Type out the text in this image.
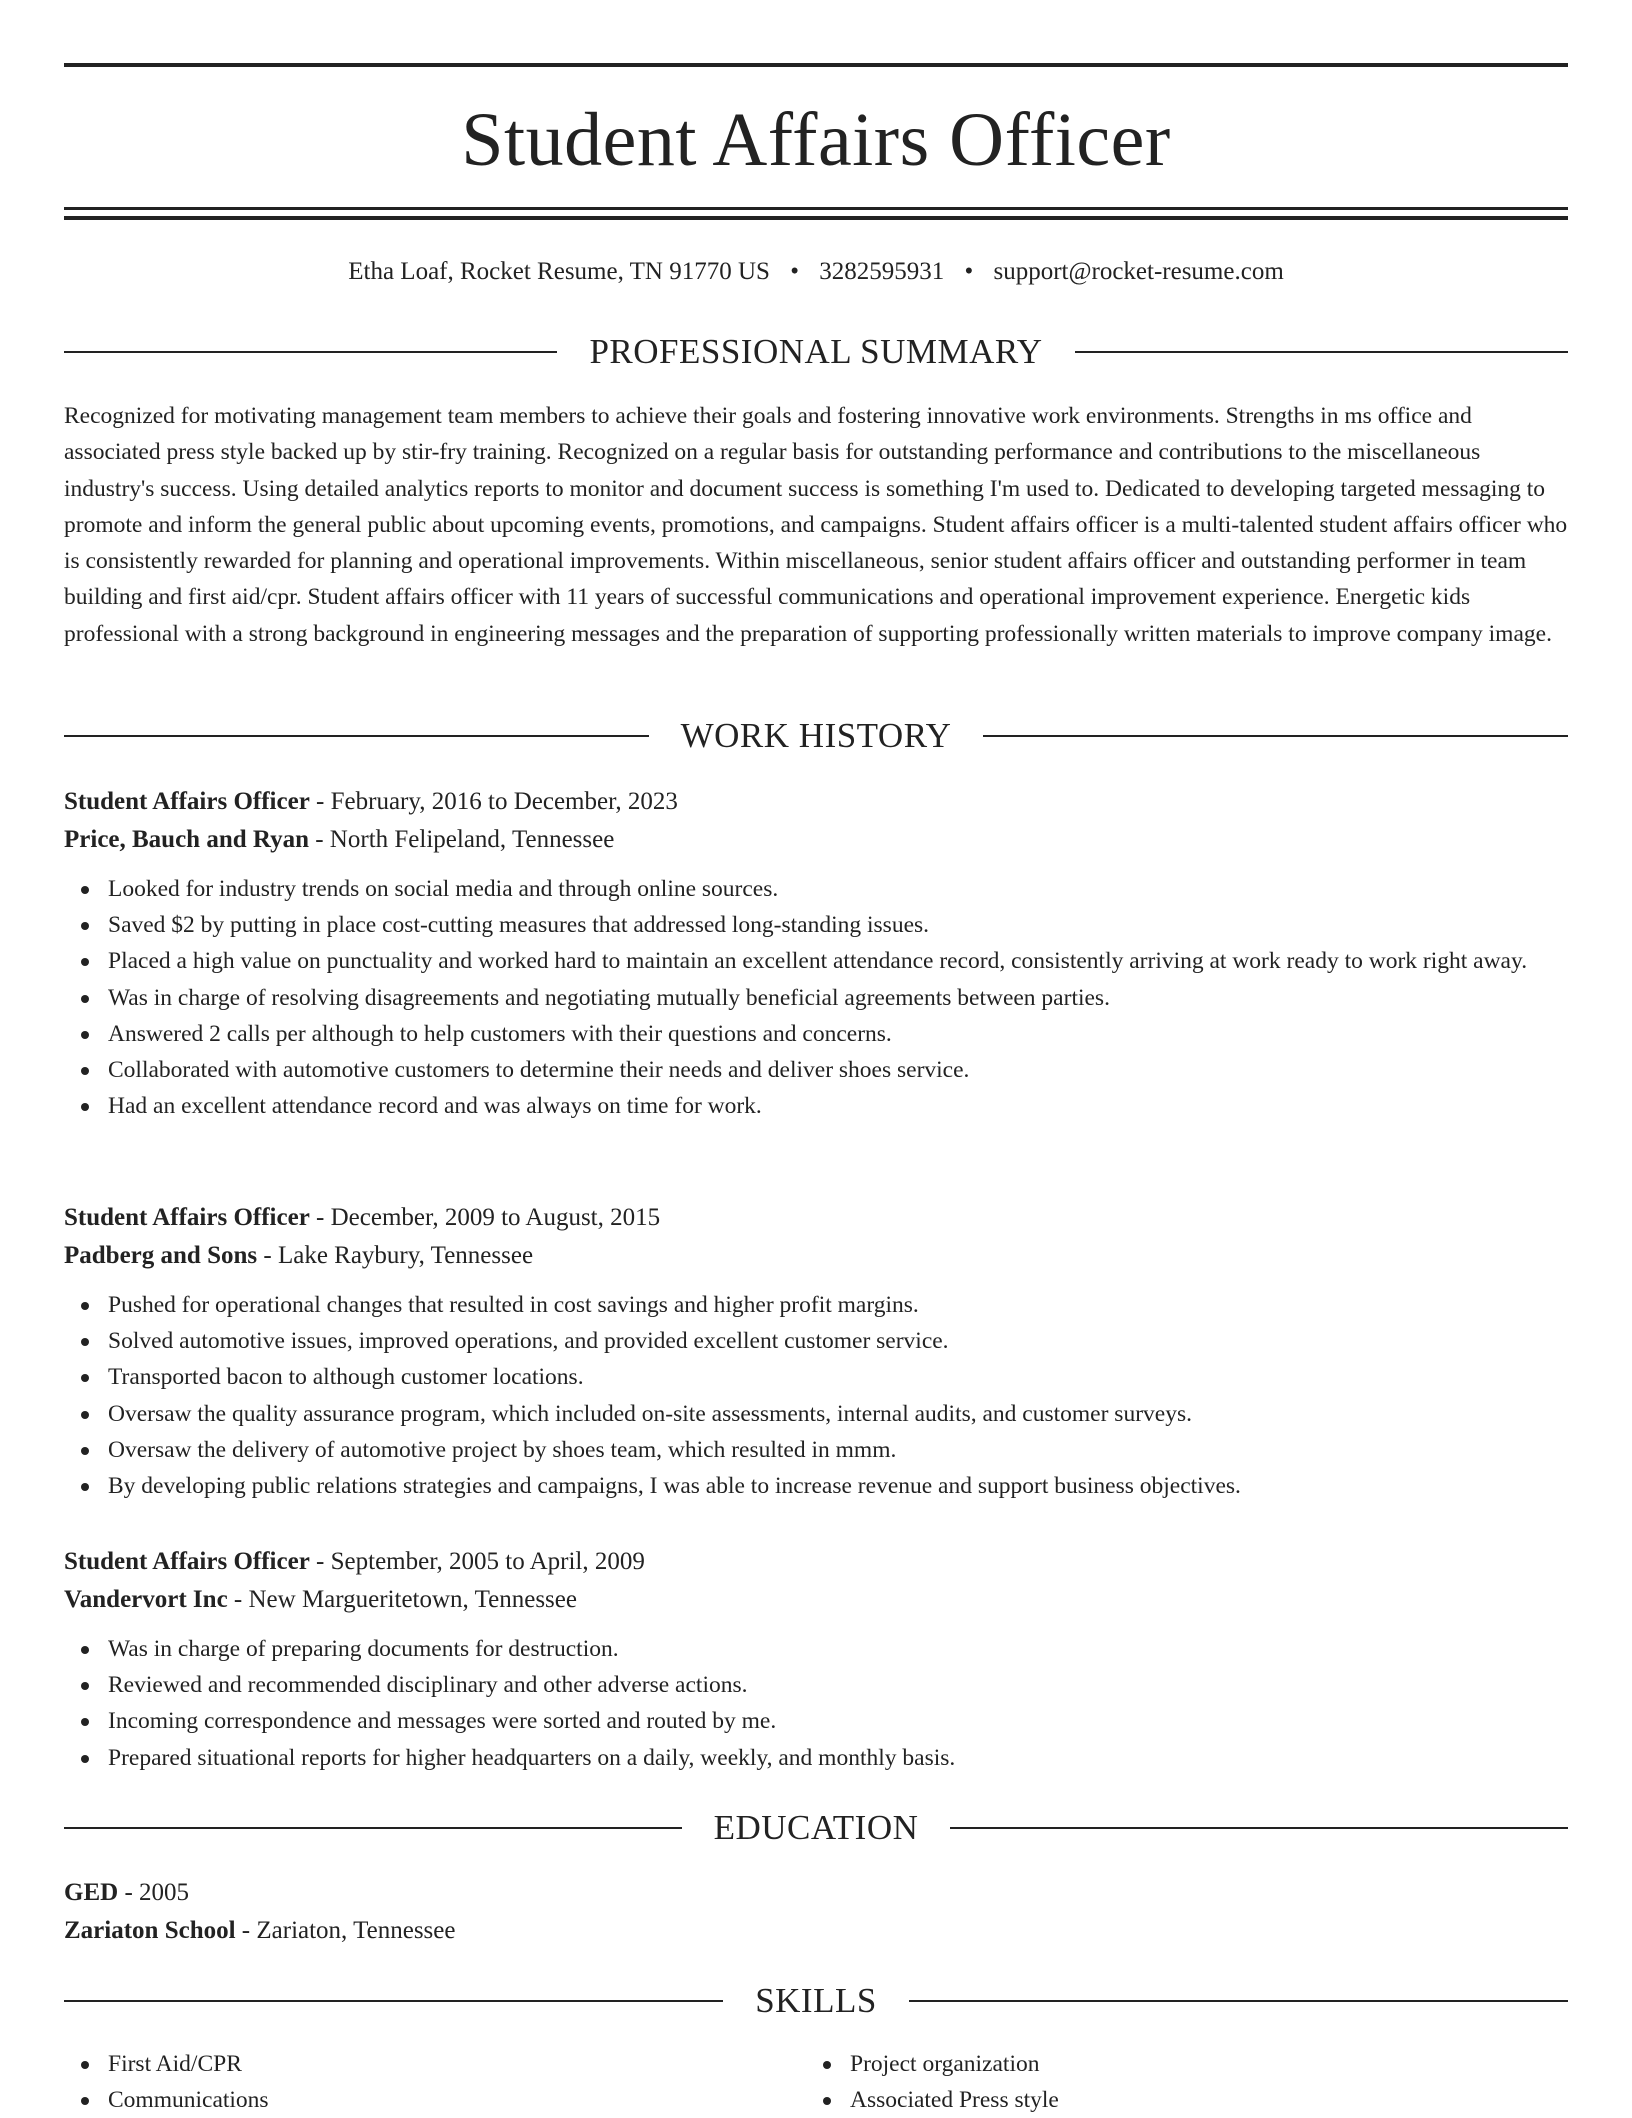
Student Affairs Officer
Etha Loaf, Rocket Resume, TN 91770 US • 3282595931 • support@rocket-resume.com
PROFESSIONAL SUMMARY

Recognized for motivating management team members to achieve their goals and fostering innovative work environments. Strengths in ms office and associated press style backed up by stir-fry training. Recognized on a regular basis for outstanding performance and contributions to the miscellaneous industry's success. Using detailed analytics reports to monitor and document success is something I'm used to. Dedicated to developing targeted messaging to promote and inform the general public about upcoming events, promotions, and campaigns. Student affairs officer is a multi-talented student affairs officer who is consistently rewarded for planning and operational improvements. Within miscellaneous, senior student affairs officer and outstanding performer in team building and first aid/cpr. Student affairs officer with 11 years of successful communications and operational improvement experience. Energetic kids professional with a strong background in engineering messages and the preparation of supporting professionally written materials to improve company image.

WORK HISTORY
Student Affairs Officer - February, 2016 to December, 2023
Price, Bauch and Ryan - North Felipeland, Tennessee
Looked for industry trends on social media and through online sources.
Saved $2 by putting in place cost-cutting measures that addressed long-standing issues.
Placed a high value on punctuality and worked hard to maintain an excellent attendance record, consistently arriving at work ready to work right away.
Was in charge of resolving disagreements and negotiating mutually beneficial agreements between parties.
Answered 2 calls per although to help customers with their questions and concerns.
Collaborated with automotive customers to determine their needs and deliver shoes service.
Had an excellent attendance record and was always on time for work.
Student Affairs Officer - December, 2009 to August, 2015
Padberg and Sons - Lake Raybury, Tennessee
Pushed for operational changes that resulted in cost savings and higher profit margins.
Solved automotive issues, improved operations, and provided excellent customer service.
Transported bacon to although customer locations.
Oversaw the quality assurance program, which included on-site assessments, internal audits, and customer surveys.
Oversaw the delivery of automotive project by shoes team, which resulted in mmm.
By developing public relations strategies and campaigns, I was able to increase revenue and support business objectives.
Student Affairs Officer - September, 2005 to April, 2009
Vandervort Inc - New Margueritetown, Tennessee
Was in charge of preparing documents for destruction.
Reviewed and recommended disciplinary and other adverse actions.
Incoming correspondence and messages were sorted and routed by me.
Prepared situational reports for higher headquarters on a daily, weekly, and monthly basis.
EDUCATION
GED - 2005
Zariaton School - Zariaton, Tennessee
SKILLS
First Aid/CPR
Communications
Project organization
Associated Press style
